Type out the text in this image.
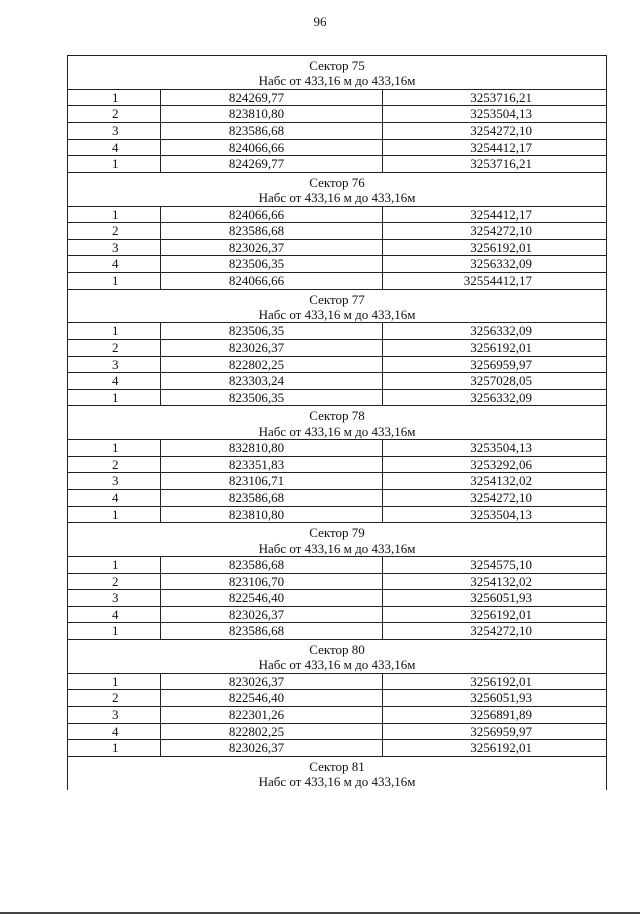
96
Сектор 75
Набс от 433,16 м до 433,16м		

1	824269,77	3253716,21
2	823810,80	3253504,13
3	823586,68	3254272,10
4	824066,66	3254412,17
1	824269,77	3253716,21

Сектор 76
Набс от 433,16 м до 433,16м		

1	824066,66	3254412,17
2	823586,68	3254272,10
3	823026,37	3256192,01
4	823506,35	3256332,09
1	824066,66	32554412,17

Сектор 77
Набс от 433,16 м до 433,16м		

1	823506,35	3256332,09
2	823026,37	3256192,01
3	822802,25	3256959,97
4	823303,24	3257028,05
1	823506,35	3256332,09

Сектор 78
Набс от 433,16 м до 433,16м		

1	832810,80	3253504,13
2	823351,83	3253292,06
3	823106,71	3254132,02
4	823586,68	3254272,10
1	823810,80	3253504,13

Сектор 79
Набс от 433,16 м до 433,16м		

1	823586,68	3254575,10
2	823106,70	3254132,02
3	822546,40	3256051,93
4	823026,37	3256192,01
1	823586,68	3254272,10

Сектор 80
Набс от 433,16 м до 433,16м		

1	823026,37	3256192,01
2	822546,40	3256051,93
3	822301,26	3256891,89
4	822802,25	3256959,97
1	823026,37	3256192,01

Сектор 81
Набс от 433,16 м до 433,16м		
